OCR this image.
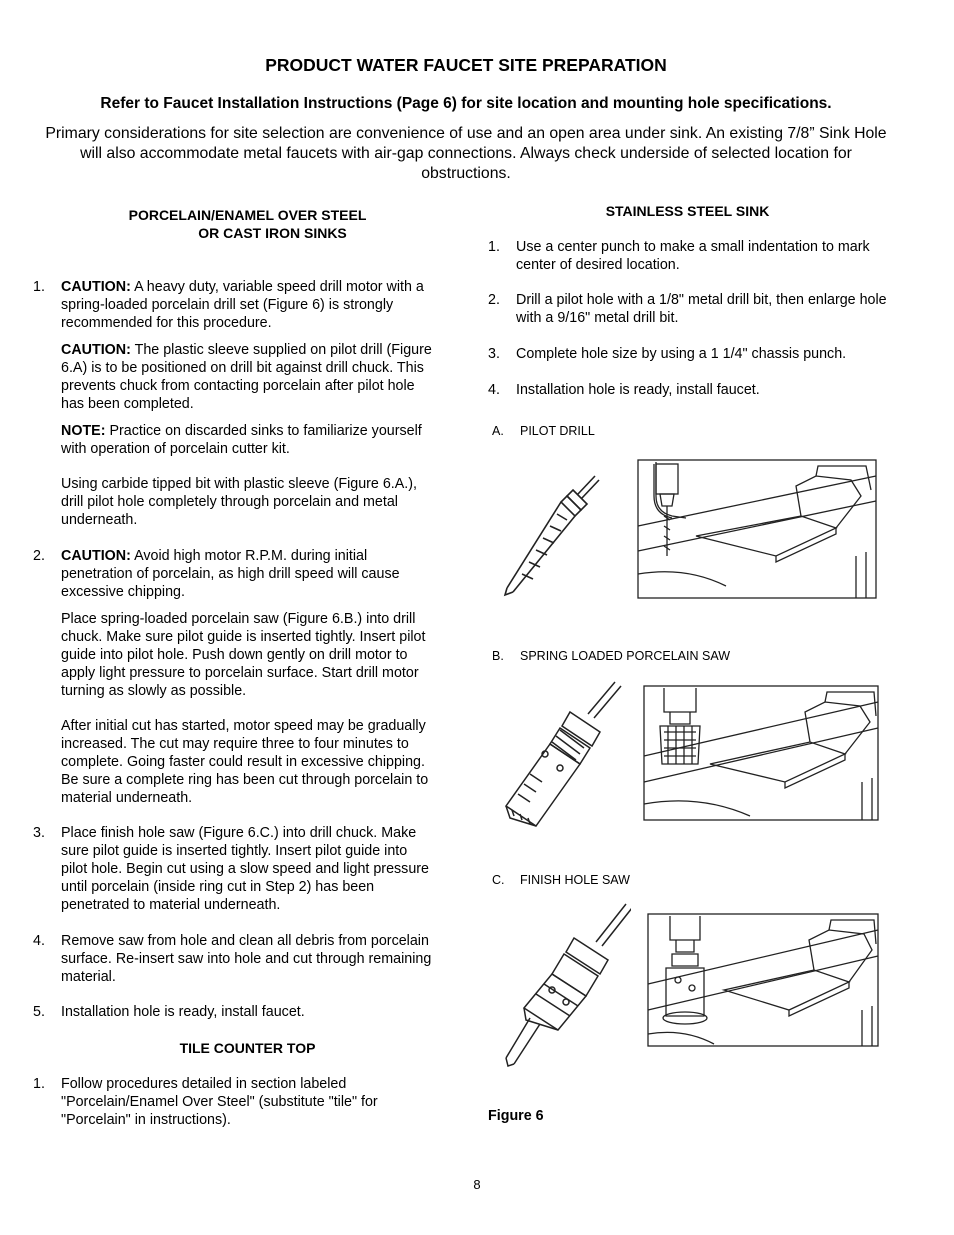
PRODUCT WATER FAUCET SITE PREPARATION
Refer to Faucet Installation Instructions (Page 6) for site location and mounting hole specifications.
Primary considerations for site selection are convenience of use and an open area under sink. An existing 7/8” Sink Hole will also accommodate metal faucets with air-gap connections. Always check underside of selected location for obstructions.
PORCELAIN/ENAMEL OVER STEEL
OR CAST IRON SINKS
1. CAUTION: A heavy duty, variable speed drill motor with a spring-loaded porcelain drill set (Figure 6) is strongly recommended for this procedure.
CAUTION: The plastic sleeve supplied on pilot drill (Figure 6.A) is to be positioned on drill bit against drill chuck. This prevents chuck from contacting porcelain after pilot hole has been completed.
NOTE: Practice on discarded sinks to familiarize yourself with operation of porcelain cutter kit.
Using carbide tipped bit with plastic sleeve (Figure 6.A.), drill pilot hole completely through porcelain and metal underneath.
2. CAUTION: Avoid high motor R.P.M. during initial penetration of porcelain, as high drill speed will cause excessive chipping.
Place spring-loaded porcelain saw (Figure 6.B.) into drill chuck. Make sure pilot guide is inserted tightly. Insert pilot guide into pilot hole. Push down gently on drill motor to apply light pressure to porcelain surface. Start drill motor turning as slowly as possible.
After initial cut has started, motor speed may be gradually increased. The cut may require three to four minutes to complete. Going faster could result in excessive chipping. Be sure a complete ring has been cut through porcelain to material underneath.
3. Place finish hole saw (Figure 6.C.) into drill chuck. Make sure pilot guide is inserted tightly. Insert pilot guide into pilot hole. Begin cut using a slow speed and light pressure until porcelain (inside ring cut in Step 2) has been penetrated to material underneath.
4. Remove saw from hole and clean all debris from porcelain surface. Re-insert saw into hole and cut through remaining material.
5. Installation hole is ready, install faucet.
TILE COUNTER TOP
1. Follow procedures detailed in section labeled "Porcelain/Enamel Over Steel" (substitute "tile" for "Porcelain" in instructions).
STAINLESS STEEL SINK
1. Use a center punch to make a small indentation to mark center of desired location.
2. Drill a pilot hole with a 1/8" metal drill bit, then enlarge hole with a 9/16" metal drill bit.
3. Complete hole size by using a 1 1/4" chassis punch.
4. Installation hole is ready, install faucet.
A. PILOT DRILL
B. SPRING LOADED PORCELAIN SAW
C. FINISH HOLE SAW
Figure 6
8
